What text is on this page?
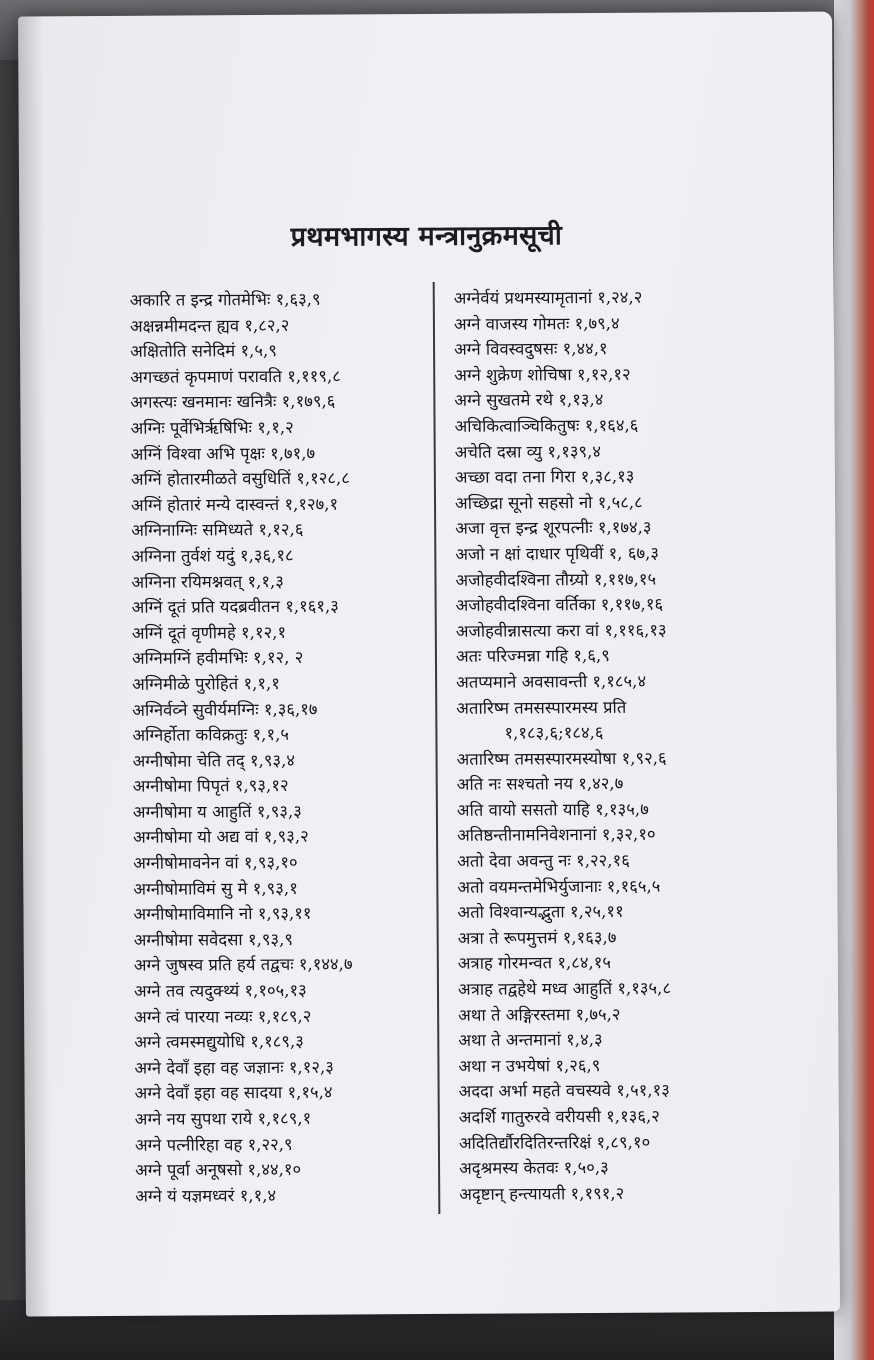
प्रथमभागस्य मन्त्रानुक्रमसूची
अकारि त इन्द्र गोतमेभिः १,६३,९
अक्षन्नमीमदन्त ह्यव १,८२,२
अक्षितोति सनेदिमं १,५,९
अगच्छतं कृपमाणं परावति १,११९,८
अगस्त्यः खनमानः खनित्रैः १,१७९,६
अग्निः पूर्वेभिर्ऋषिभिः १,१,२
अग्निं विश्वा अभि पृक्षः १,७१,७
अग्निं होतारमीळते वसुधितिं १,१२८,८
अग्निं होतारं मन्ये दास्वन्तं १,१२७,१
अग्निनाग्निः समिध्यते १,१२,६
अग्निना तुर्वशं यदुं १,३६,१८
अग्निना रयिमश्नवत् १,१,३
अग्निं दूतं प्रति यदब्रवीतन १,१६१,३
अग्निं दूतं वृणीमहे १,१२,१
अग्निमग्निं हवीमभिः १,१२, २
अग्निमीळे पुरोहितं १,१,१
अग्निर्वव्ने सुवीर्यमग्निः १,३६,१७
अग्निर्होता कविक्रतुः १,१,५
अग्नीषोमा चेति तद् १,९३,४
अग्नीषोमा पिपृतं १,९३,१२
अग्नीषोमा य आहुतिं १,९३,३
अग्नीषोमा यो अद्य वां १,९३,२
अग्नीषोमावनेन वां १,९३,१०
अग्नीषोमाविमं सु मे १,९३,१
अग्नीषोमाविमानि नो १,९३,११
अग्नीषोमा सवेदसा १,९३,९
अग्ने जुषस्व प्रति हर्य तद्वचः १,१४४,७
अग्ने तव त्यदुक्थ्यं १,१०५,१३
अग्ने त्वं पारया नव्यः १,१८९,२
अग्ने त्वमस्मद्युयोधि १,१८९,३
अग्ने देवाँ इहा वह जज्ञानः १,१२,३
अग्ने देवाँ इहा वह सादया १,१५,४
अग्ने नय सुपथा राये १,१८९,१
अग्ने पत्नीरिहा वह १,२२,९
अग्ने पूर्वा अनूषसो १,४४,१०
अग्ने यं यज्ञमध्वरं १,१,४
अग्नेर्वयं प्रथमस्यामृतानां १,२४,२
अग्ने वाजस्य गोमतः १,७९,४
अग्ने विवस्वदुषसः १,४४,१
अग्ने शुक्रेण शोचिषा १,१२,१२
अग्ने सुखतमे रथे १,१३,४
अचिकित्वाञ्चिकितुषः १,१६४,६
अचेति दस्रा व्यु १,१३९,४
अच्छा वदा तना गिरा १,३८,१३
अच्छिद्रा सूनो सहसो नो १,५८,८
अजा वृत्त इन्द्र शूरपत्नीः १,१७४,३
अजो न क्षां दाधार पृथिवीं १, ६७,३
अजोहवीदश्विना तौग्र्यो १,११७,१५
अजोहवीदश्विना वर्तिका १,११७,१६
अजोहवीन्नासत्या करा वां १,११६,१३
अतः परिज्मन्ना गहि १,६,९
अतप्यमाने अवसावन्ती १,१८५,४
अतारिष्म तमसस्पारमस्य प्रति
१,१८३,६;१८४,६
अतारिष्म तमसस्पारमस्योषा १,९२,६
अति नः सश्चतो नय १,४२,७
अति वायो ससतो याहि १,१३५,७
अतिष्ठन्तीनामनिवेशनानां १,३२,१०
अतो देवा अवन्तु नः १,२२,१६
अतो वयमन्तमेभिर्युजानाः १,१६५,५
अतो विश्वान्यद्भुता १,२५,११
अत्रा ते रूपमुत्तमं १,१६३,७
अत्राह गोरमन्वत १,८४,१५
अत्राह तद्वहेथे मध्व आहुतिं १,१३५,८
अथा ते अङ्गिरस्तमा १,७५,२
अथा ते अन्तमानां १,४,३
अथा न उभयेषां १,२६,९
अददा अर्भा महते वचस्यवे १,५१,१३
अदर्शि गातुरुरवे वरीयसी १,१३६,२
अदितिर्द्यौरदितिरन्तरिक्षं १,८९,१०
अदृश्रमस्य केतवः १,५०,३
अदृष्टान् हन्त्यायती १,१९१,२
